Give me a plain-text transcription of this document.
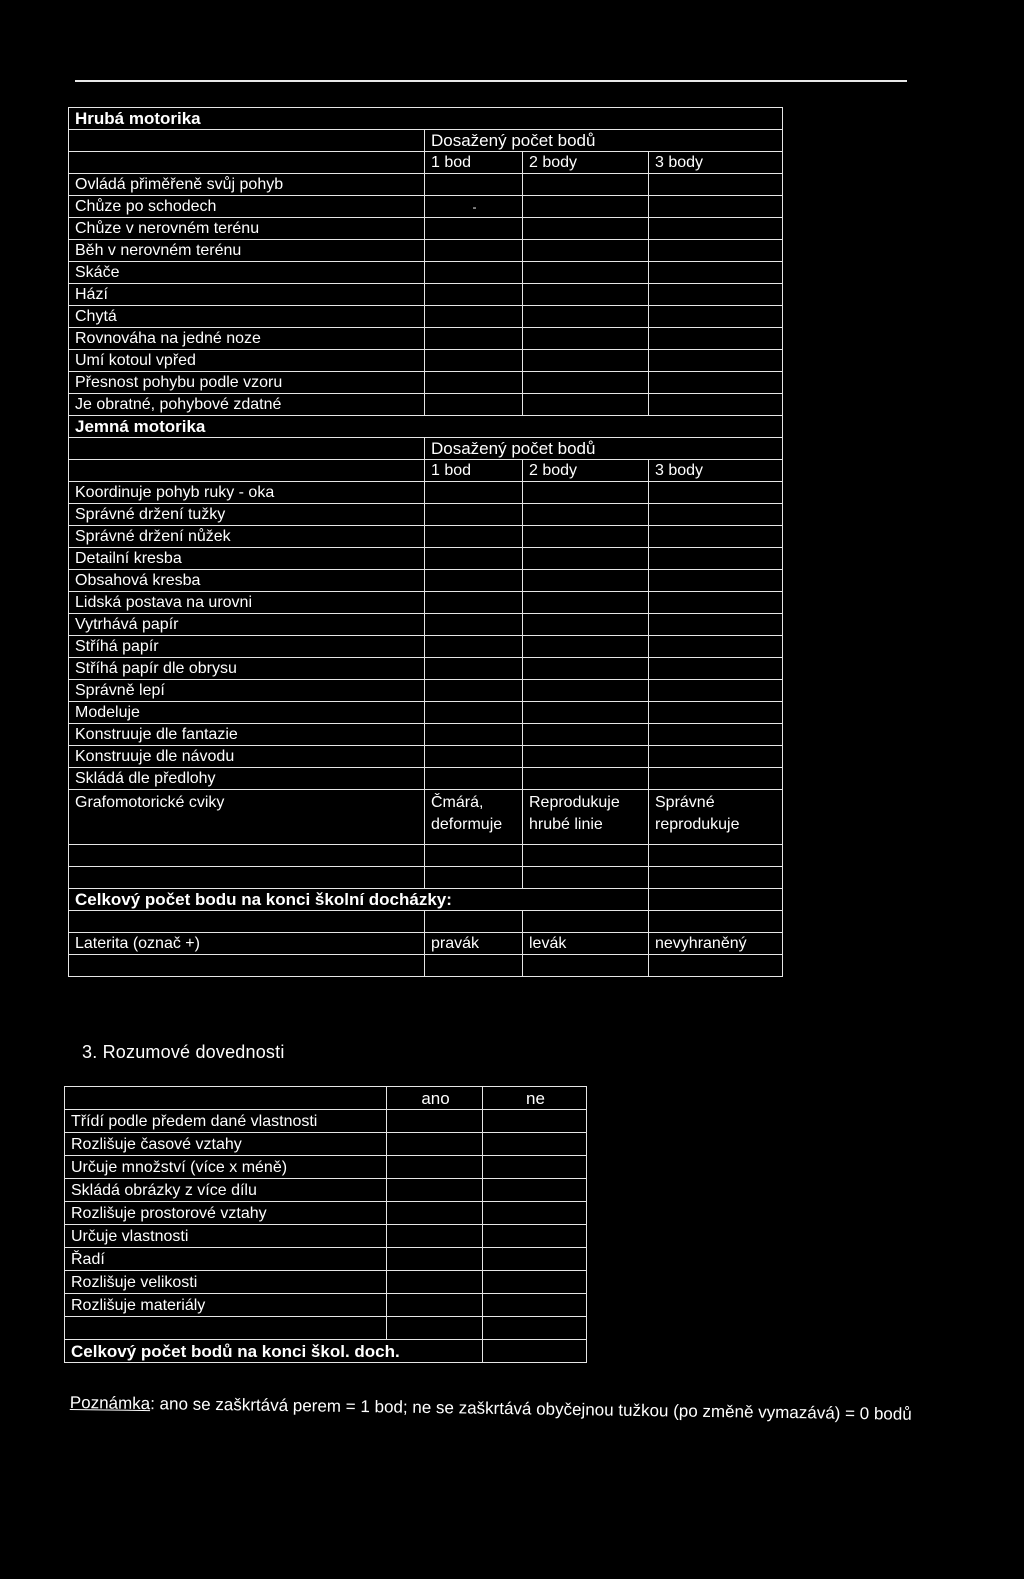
Hrubá motorika			
	Dosažený počet bodů		
	1 bod	2 body	3 body
Ovládá přiměřeně svůj pohyb			
Chůze po schodech	-		
Chůze v nerovném terénu			
Běh v nerovném terénu			
Skáče			
Hází			
Chytá			
Rovnováha na jedné noze			
Umí kotoul vpřed			
Přesnost pohybu podle vzoru			
Je obratné, pohybové zdatné			
Jemná motorika			
	Dosažený počet bodů		
	1 bod	2 body	3 body
Koordinuje pohyb ruky - oka			
Správné držení tužky			
Správné držení nůžek			
Detailní kresba			
Obsahová kresba			
Lidská postava na urovni			
Vytrhává papír			
Stříhá papír			
Stříhá papír dle obrysu			
Správně lepí			
Modeluje			
Konstruuje dle fantazie			
Konstruuje dle návodu			
Skládá dle předlohy			
Grafomotorické cviky	Čmárá, deformuje	Reprodukuje hrubé linie	Správné reprodukuje

Celkový počet bodu na konci školní docházky:			

Laterita (označ +)	pravák	levák	nevyhraněný

3. Rozumové dovednosti
	ano	ne
Třídí podle předem dané vlastnosti		
Rozlišuje časové vztahy		
Určuje množství (více x méně)		
Skládá obrázky z více dílu		
Rozlišuje prostorové vztahy		
Určuje vlastnosti		
Řadí		
Rozlišuje velikosti		
Rozlišuje materiály		

Celkový počet bodů na konci škol. doch.		
Poznámka: ano se zaškrtává perem = 1 bod; ne se zaškrtává obyčejnou tužkou (po změně vymazává) = 0 bodů
